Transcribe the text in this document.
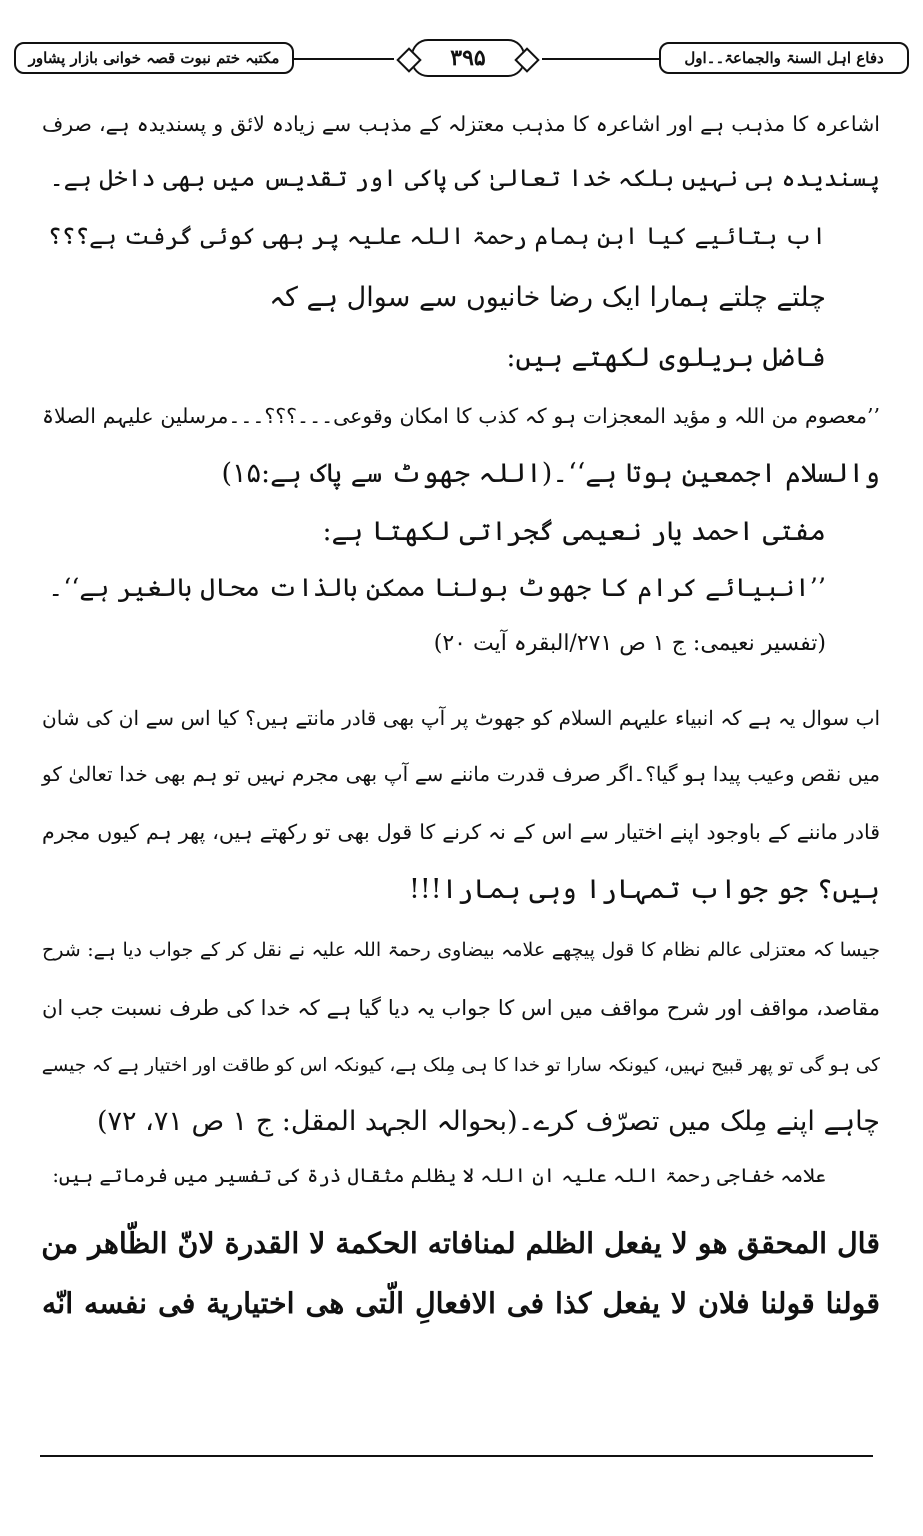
دفاع اہل السنۃ والجماعۃ۔۔اول
۳۹۵
مکتبہ ختم نبوت قصہ خوانی بازار پشاور
اشاعرہ کا مذہب ہے اور اشاعرہ کا مذہب معتزلہ کے مذہب سے زیادہ لائق و پسندیدہ ہے، صرف
پسندیدہ ہی نہیں بلکہ خدا تعالیٰ کی پاکی اور تقدیس میں بھی داخل ہے۔
اب بتائیے کیا ابن ہمام رحمۃ اللہ علیہ پر بھی کوئی گرفت ہے؟؟؟
چلتے چلتے ہمارا ایک رضا خانیوں سے سوال ہے کہ
فاضل بریلوی لکھتے ہیں:
’’معصوم من اللہ و مؤید المعجزات ہو کہ کذب کا امکان وقوعی۔۔۔؟؟؟۔۔۔مرسلین علیہم الصلاۃ
والسلام اجمعین ہوتا ہے‘‘۔(اللہ جھوٹ سے پاک ہے:۱۵)
مفتی احمد یار نعیمی گجراتی لکھتا ہے:
’’انبیائے کرام کا جھوٹ بولنا ممکن بالذات محال بالغیر ہے‘‘۔
(تفسیر نعیمی: ج ۱ ص ۲۷۱/البقرہ آیت ۲۰)
اب سوال یہ ہے کہ انبیاء علیہم السلام کو جھوٹ پر آپ بھی قادر مانتے ہیں؟ کیا اس سے ان کی شان
میں نقص وعیب پیدا ہو گیا؟۔اگر صرف قدرت ماننے سے آپ بھی مجرم نہیں تو ہم بھی خدا تعالیٰ کو
قادر ماننے کے باوجود اپنے اختیار سے اس کے نہ کرنے کا قول بھی تو رکھتے ہیں، پھر ہم کیوں مجرم
ہیں؟ جو جواب تمہارا وہی ہمارا!!!
جیسا کہ معتزلی عالم نظام کا قول پیچھے علامہ بیضاوی رحمۃ اللہ علیہ نے نقل کر کے جواب دیا ہے: شرح
مقاصد، مواقف اور شرح مواقف میں اس کا جواب یہ دیا گیا ہے کہ خدا کی طرف نسبت جب ان
کی ہو گی تو پھر قبیح نہیں، کیونکہ سارا تو خدا کا ہی مِلک ہے، کیونکہ اس کو طاقت اور اختیار ہے کہ جیسے
چاہے اپنے مِلک میں تصرّف کرے۔(بحوالہ الجہد المقل: ج ۱ ص ۷۱، ۷۲)
علامہ خفاجی رحمۃ اللہ علیہ ان اللہ لا یظلم مثقال ذرۃ کی تفسیر میں فرماتے ہیں:
قال المحقق هو لا يفعل الظلم لمنافاته الحكمة لا القدرة لانّ الظّاهر من
قولنا قولنا فلان لا يفعل كذا فى الافعالِ الّتى هى اختيارية فى نفسه انّه
